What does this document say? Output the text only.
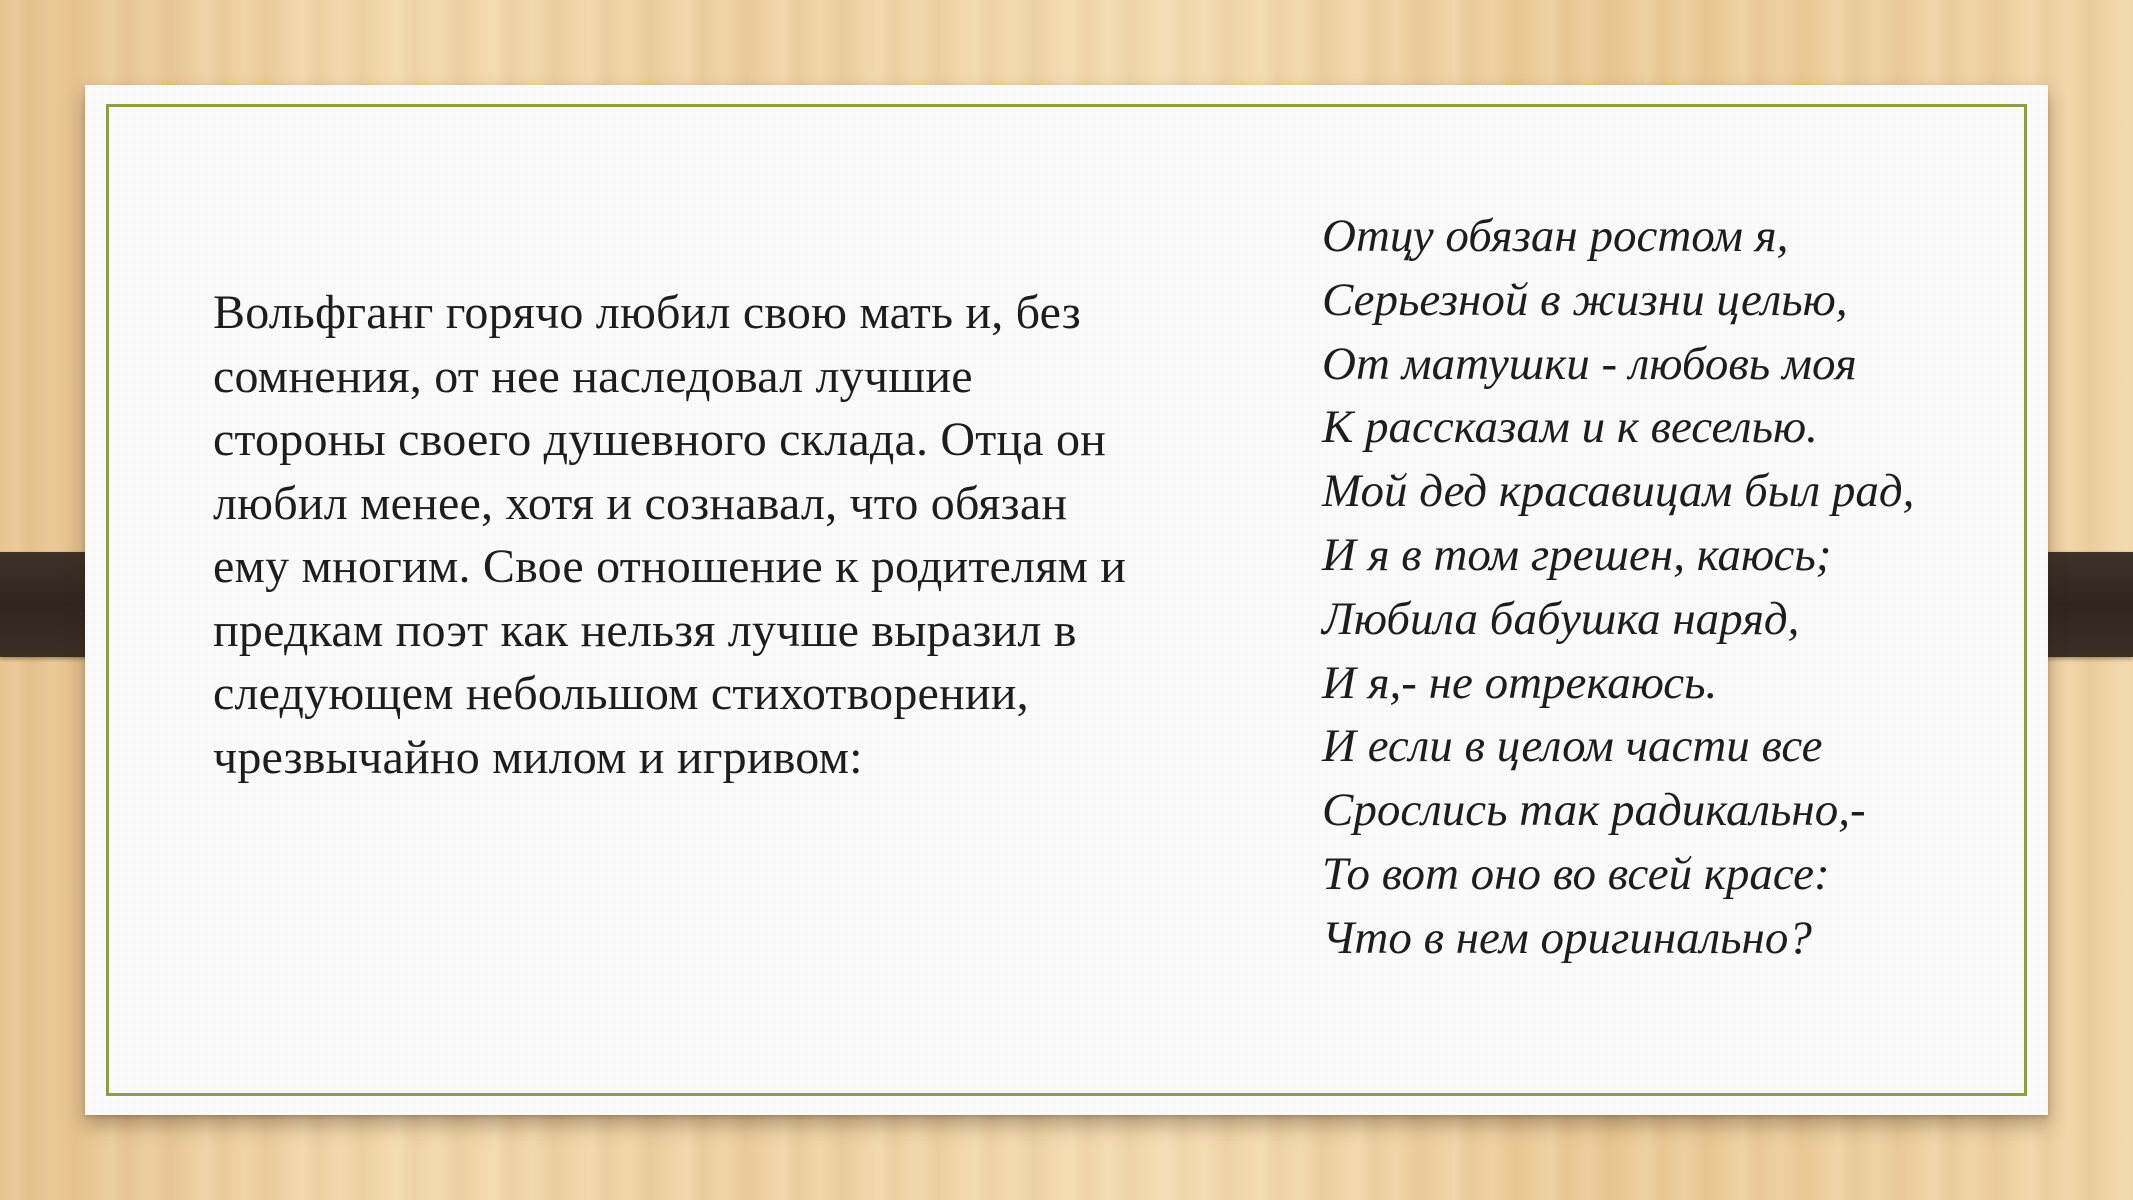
Вольфганг горячо любил свою мать и, без сомнения, от нее наследовал лучшие стороны своего душевного склада. Отца он любил менее, хотя и сознавал, что обязан ему многим. Свое отношение к родителям и предкам поэт как нельзя лучше выразил в следующем небольшом стихотворении, чрезвычайно милом и игривом:

Отцу обязан ростом я,
Серьезной в жизни целью,
От матушки - любовь моя
К рассказам и к веселью.
Мой дед красавицам был рад,
И я в том грешен, каюсь;
Любила бабушка наряд,
И я,- не отрекаюсь.
И если в целом части все
Срослись так радикально,-
То вот оно во всей красе:
Что в нем оригинально?
